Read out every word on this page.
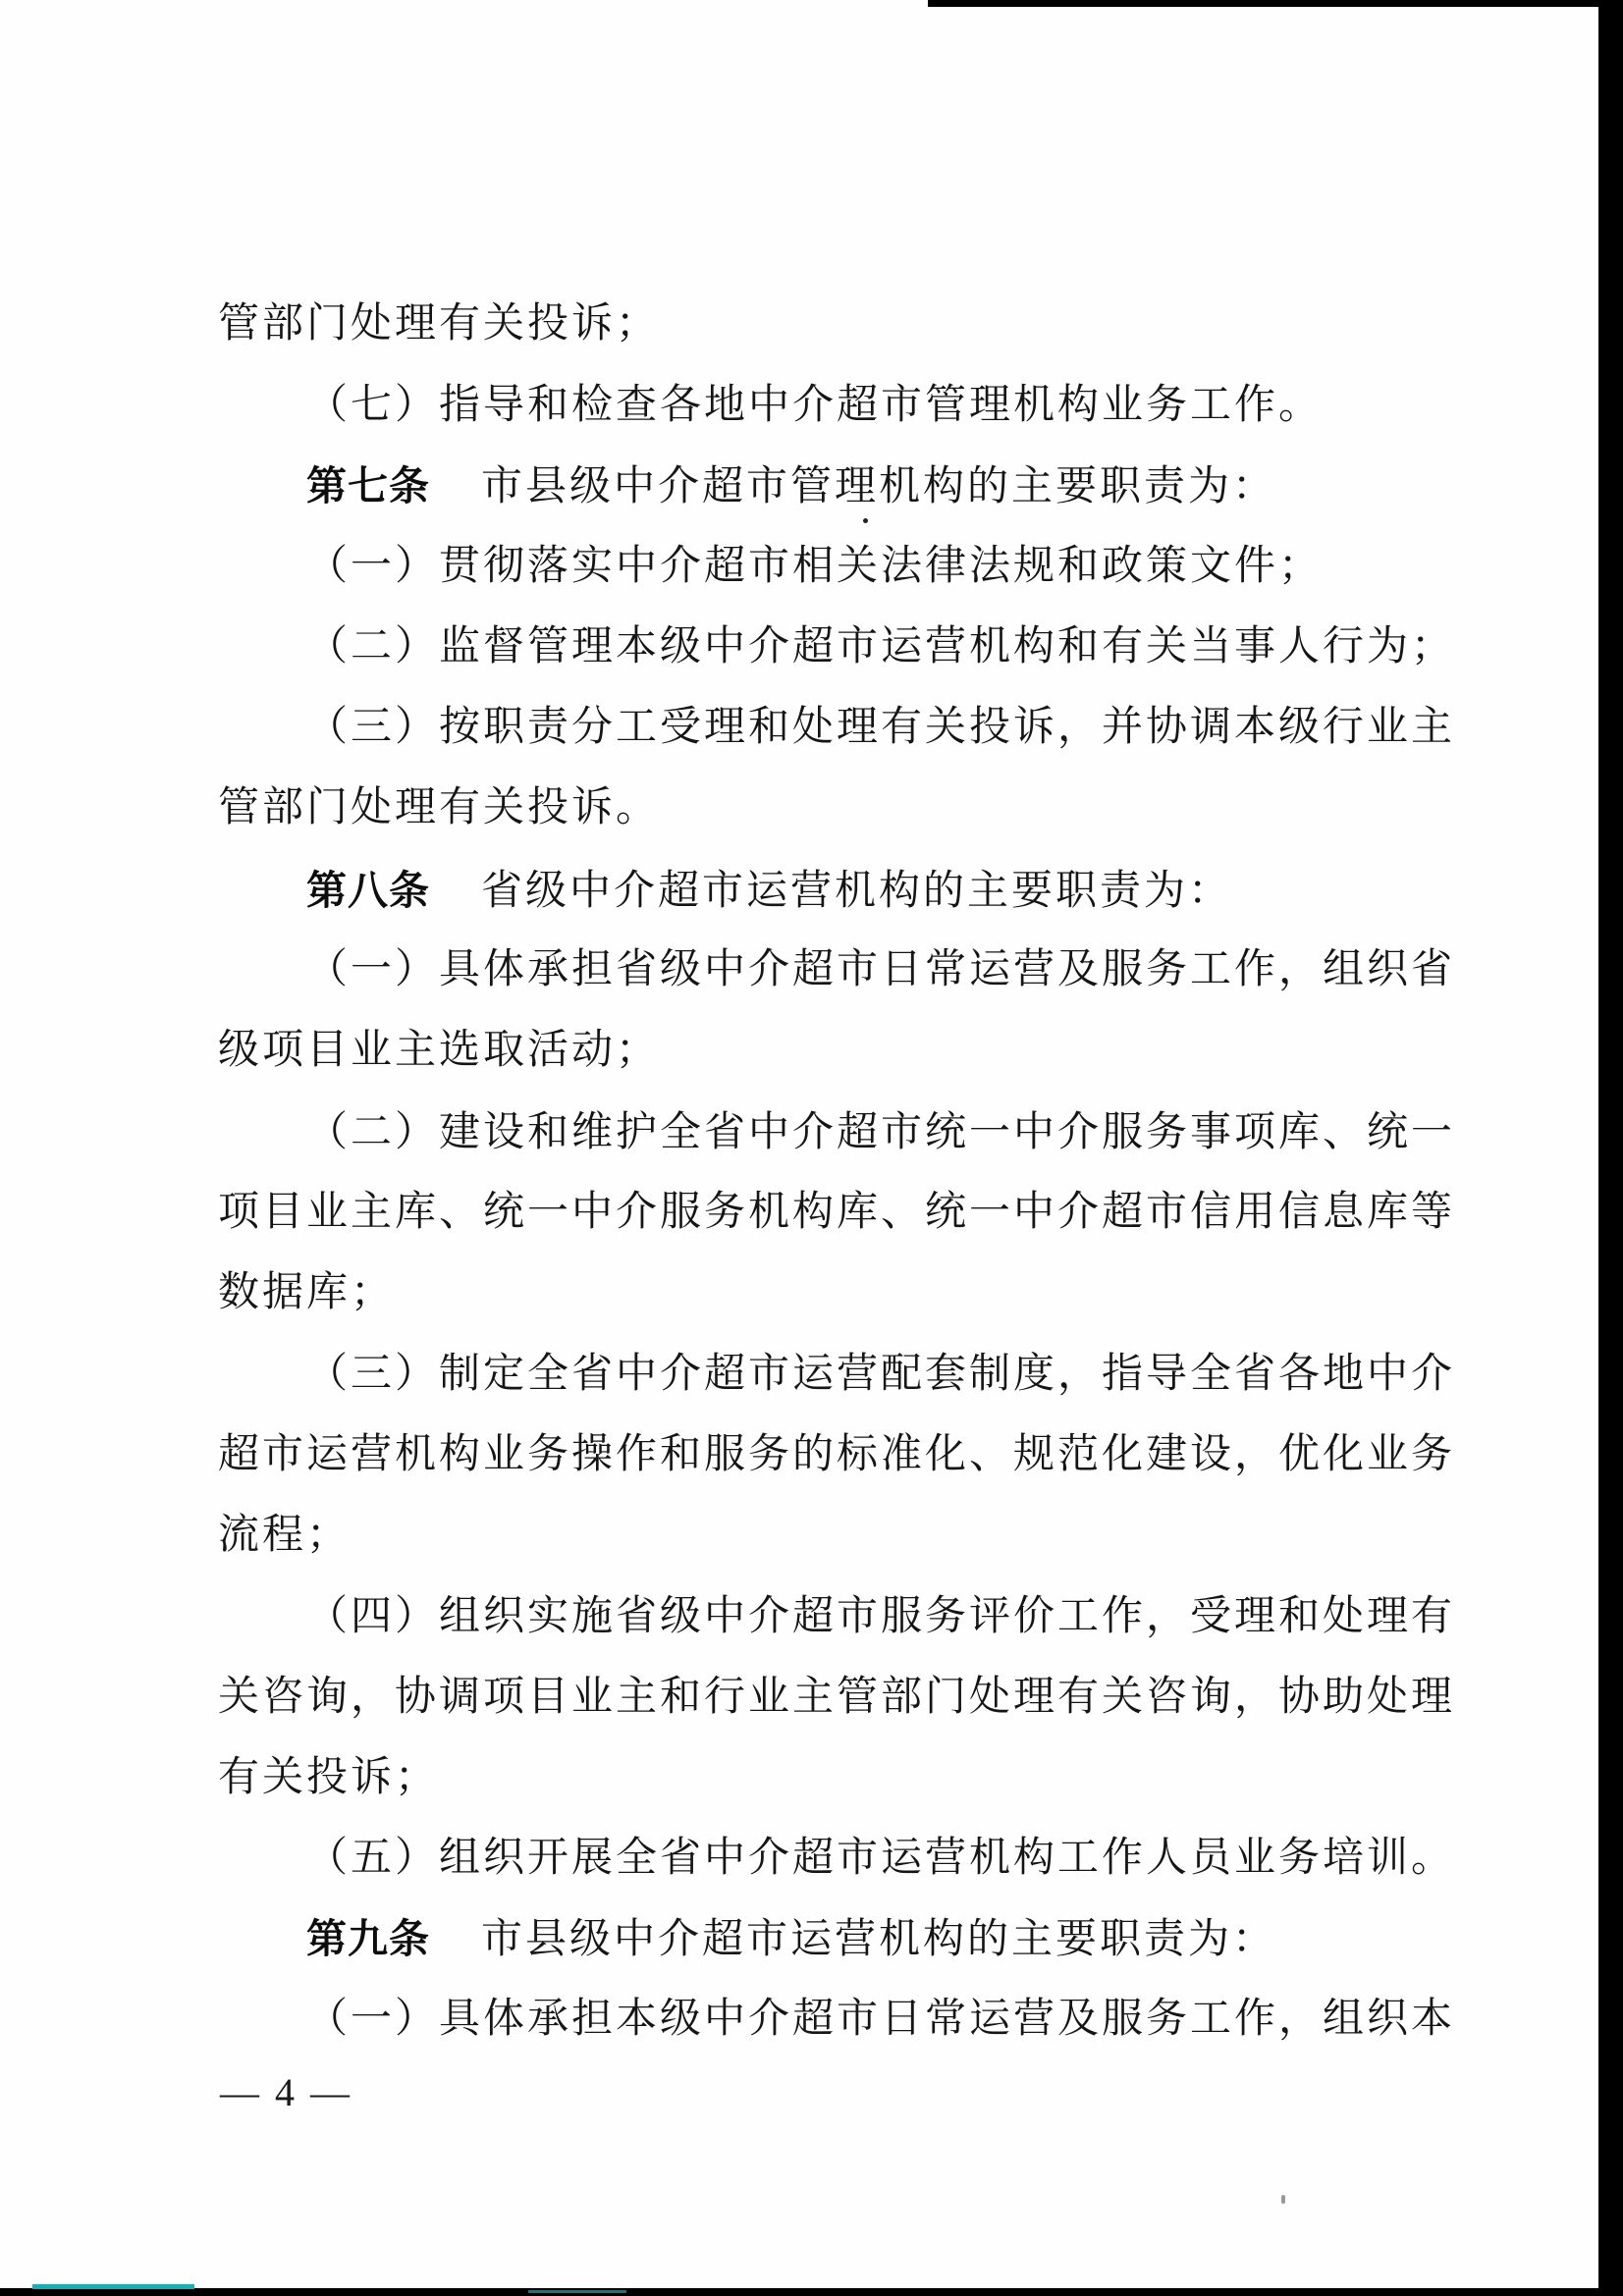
管部门处理有关投诉；
（七）指导和检查各地中介超市管理机构业务工作。
第七条 市县级中介超市管理机构的主要职责为：
（一）贯彻落实中介超市相关法律法规和政策文件；
（二）监督管理本级中介超市运营机构和有关当事人行为；
（三）按职责分工受理和处理有关投诉，并协调本级行业主
管部门处理有关投诉。
第八条 省级中介超市运营机构的主要职责为：
（一）具体承担省级中介超市日常运营及服务工作，组织省
级项目业主选取活动；
（二）建设和维护全省中介超市统一中介服务事项库、统一
项目业主库、统一中介服务机构库、统一中介超市信用信息库等
数据库；
（三）制定全省中介超市运营配套制度，指导全省各地中介
超市运营机构业务操作和服务的标准化、规范化建设，优化业务
流程；
（四）组织实施省级中介超市服务评价工作，受理和处理有
关咨询，协调项目业主和行业主管部门处理有关咨询，协助处理
有关投诉；
（五）组织开展全省中介超市运营机构工作人员业务培训。
第九条 市县级中介超市运营机构的主要职责为：
（一）具体承担本级中介超市日常运营及服务工作，组织本
— 4 —
